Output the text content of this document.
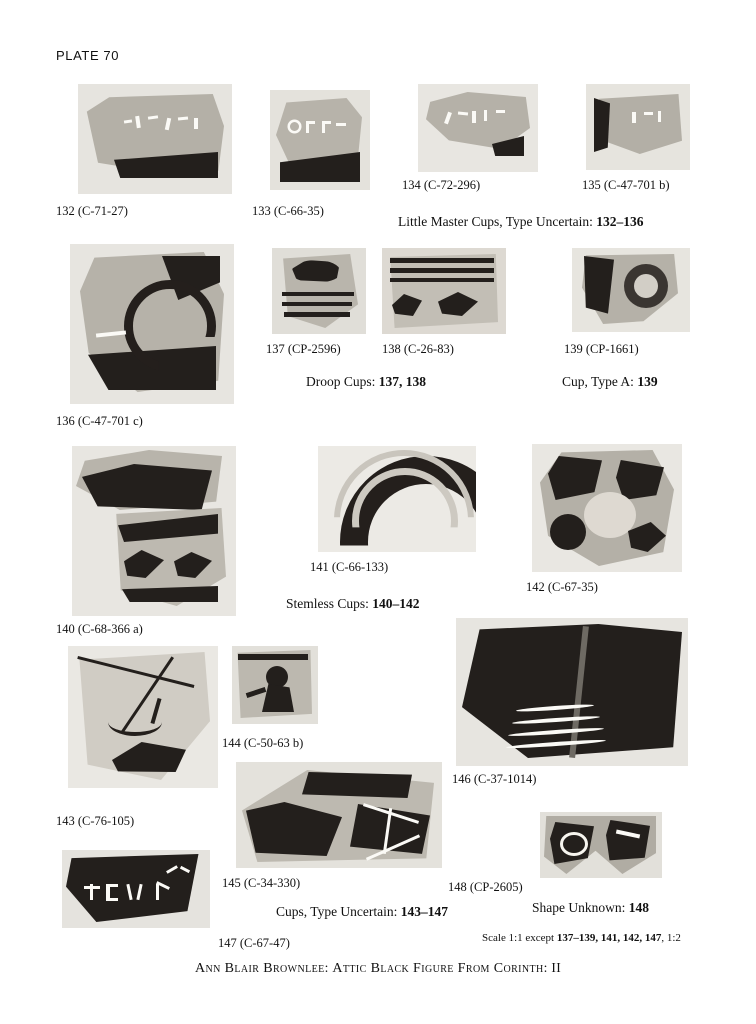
PLATE 70
132 (C-71-27)	133 (C-66-35)
134 (C-72-296)	135 (C-47-701 b)
Little Master Cups, Type Uncertain: 132–136
136 (C-47-701 c)
137 (CP-2596)	138 (C-26-83)	139 (CP-1661)
Droop Cups: 137, 138	Cup, Type A: 139
140 (C-68-366 a)
141 (C-66-133)
142 (C-67-35)
Stemless Cups: 140–142
143 (C-76-105)
144 (C-50-63 b)
145 (C-34-330)
146 (C-37-1014)
148 (CP-2605)
147 (C-67-47)
Cups, Type Uncertain: 143–147	Shape Unknown: 148
Scale 1:1 except 137–139, 141, 142, 147, 1:2
Ann Blair Brownlee: Attic Black Figure From Corinth: II
